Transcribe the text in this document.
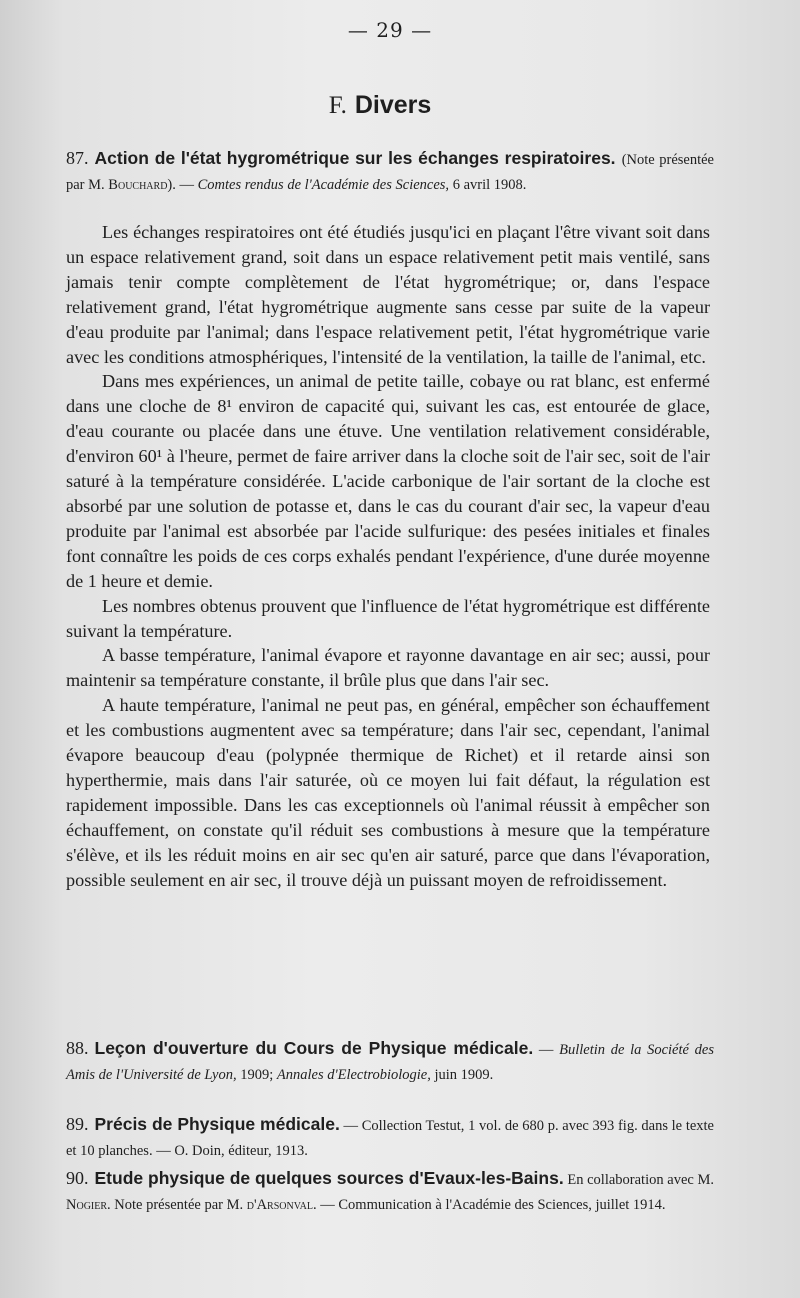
— 29 —
F. Divers
87. Action de l'état hygrométrique sur les échanges respiratoires. (Note présentée par M. Bouchard). — Comtes rendus de l'Académie des Sciences, 6 avril 1908.

Les échanges respiratoires ont été étudiés jusqu'ici en plaçant l'être vivant soit dans un espace relativement grand, soit dans un espace relativement petit mais ventilé, sans jamais tenir compte complètement de l'état hygrométrique; or, dans l'espace relativement grand, l'état hygrométrique augmente sans cesse par suite de la vapeur d'eau produite par l'animal; dans l'espace relativement petit, l'état hygrométrique varie avec les conditions atmosphériques, l'intensité de la ventilation, la taille de l'animal, etc.

Dans mes expériences, un animal de petite taille, cobaye ou rat blanc, est enfermé dans une cloche de 8¹ environ de capacité qui, suivant les cas, est entourée de glace, d'eau courante ou placée dans une étuve. Une ventilation relativement considérable, d'environ 60¹ à l'heure, permet de faire arriver dans la cloche soit de l'air sec, soit de l'air saturé à la température considérée. L'acide carbonique de l'air sortant de la cloche est absorbé par une solution de potasse et, dans le cas du courant d'air sec, la vapeur d'eau produite par l'animal est absorbée par l'acide sulfurique: des pesées initiales et finales font connaître les poids de ces corps exhalés pendant l'expérience, d'une durée moyenne de 1 heure et demie.

Les nombres obtenus prouvent que l'influence de l'état hygrométrique est différente suivant la température.

A basse température, l'animal évapore et rayonne davantage en air sec; aussi, pour maintenir sa température constante, il brûle plus que dans l'air sec.

A haute température, l'animal ne peut pas, en général, empêcher son échauffement et les combustions augmentent avec sa température; dans l'air sec, cependant, l'animal évapore beaucoup d'eau (polypnée thermique de Richet) et il retarde ainsi son hyperthermie, mais dans l'air saturée, où ce moyen lui fait défaut, la régulation est rapidement impossible. Dans les cas exceptionnels où l'animal réussit à empêcher son échauffement, on constate qu'il réduit ses combustions à mesure que la température s'élève, et ils les réduit moins en air sec qu'en air saturé, parce que dans l'évaporation, possible seulement en air sec, il trouve déjà un puissant moyen de refroidissement.

88. Leçon d'ouverture du Cours de Physique médicale. — Bulletin de la Société des Amis de l'Université de Lyon, 1909; Annales d'Electrobiologie, juin 1909.
89. Précis de Physique médicale. — Collection Testut, 1 vol. de 680 p. avec 393 fig. dans le texte et 10 planches. — O. Doin, éditeur, 1913.
90. Etude physique de quelques sources d'Evaux-les-Bains. En collaboration avec M. Nogier. Note présentée par M. d'Arsonval. — Communication à l'Académie des Sciences, juillet 1914.
